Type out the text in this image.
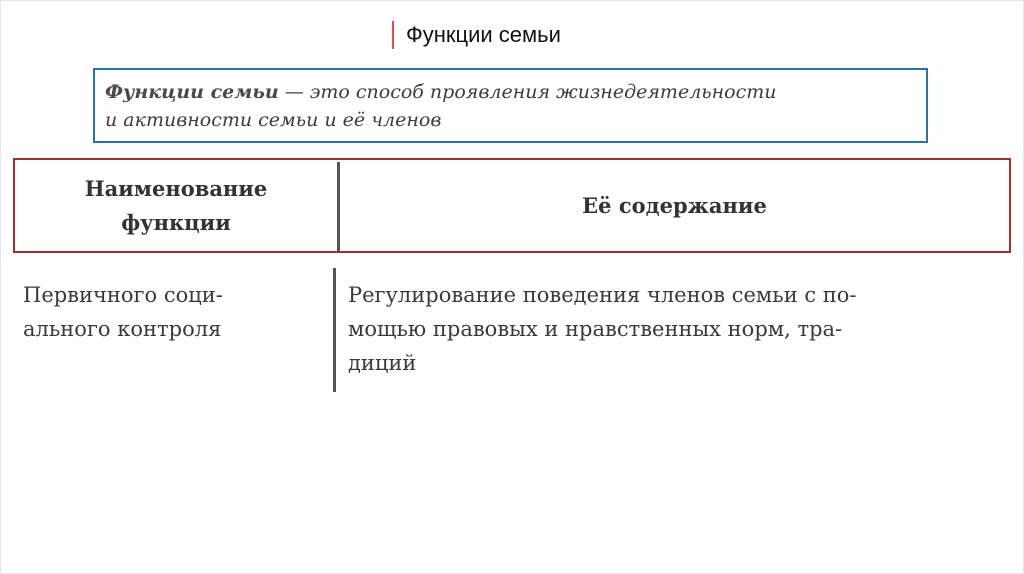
Функции семьи
Функции семьи — это способ проявления жизнедеятельности
и активности семьи и её членов
Наименование
функции
Её содержание
Первичного соци-
ального контроля
Регулирование поведения членов семьи с по-
мощью правовых и нравственных норм, тра-
диций
